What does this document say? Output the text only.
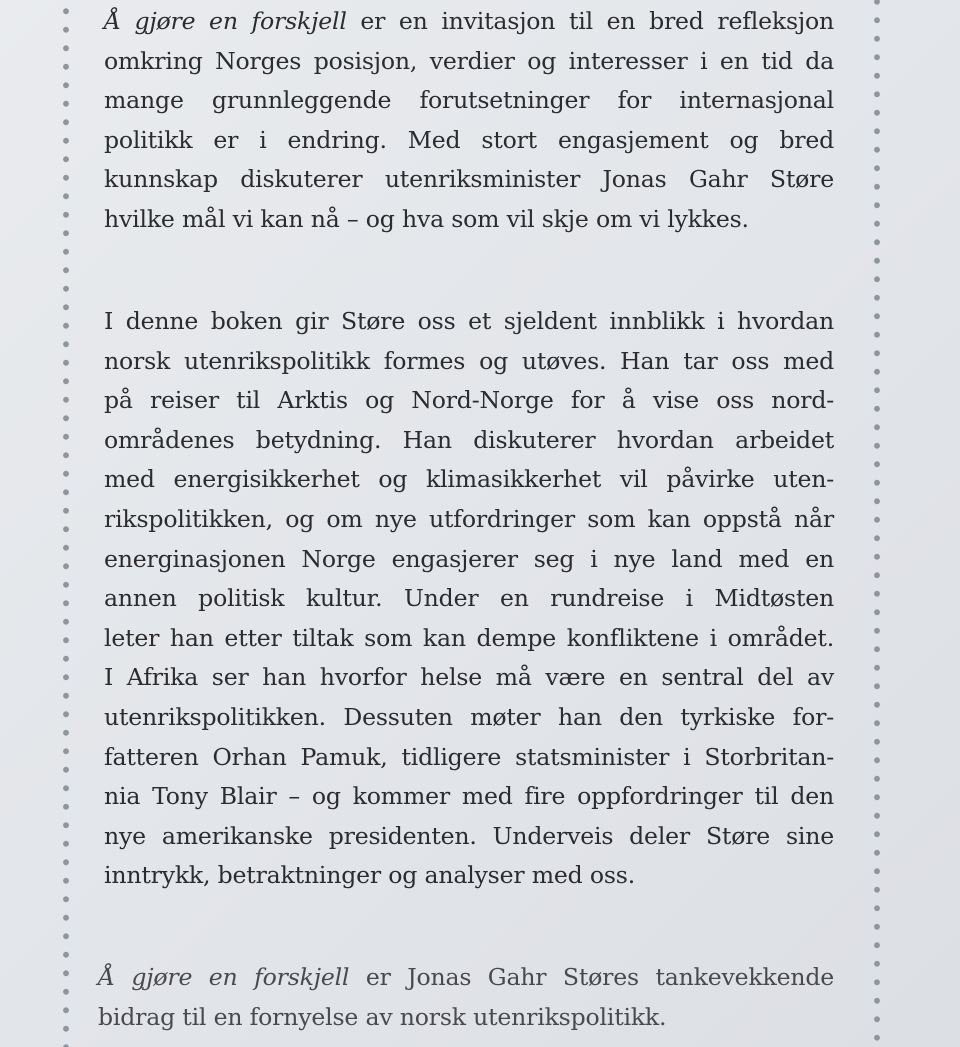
Å gjøre en forskjell er en invitasjon til en bred refleksjon
omkring Norges posisjon, verdier og interesser i en tid da
mange grunnleggende forutsetninger for internasjonal
politikk er i endring. Med stort engasjement og bred
kunnskap diskuterer utenriksminister Jonas Gahr Støre
hvilke mål vi kan nå – og hva som vil skje om vi lykkes.

I denne boken gir Støre oss et sjeldent innblikk i hvordan
norsk utenrikspolitikk formes og utøves. Han tar oss med
på reiser til Arktis og Nord-Norge for å vise oss nord-
områdenes betydning. Han diskuterer hvordan arbeidet
med energisikkerhet og klimasikkerhet vil påvirke uten-
rikspolitikken, og om nye utfordringer som kan oppstå når
energinasjonen Norge engasjerer seg i nye land med en
annen politisk kultur. Under en rundreise i Midtøsten
leter han etter tiltak som kan dempe konfliktene i området.
I Afrika ser han hvorfor helse må være en sentral del av
utenrikspolitikken. Dessuten møter han den tyrkiske for-
fatteren Orhan Pamuk, tidligere statsminister i Storbritan-
nia Tony Blair – og kommer med fire oppfordringer til den
nye amerikanske presidenten. Underveis deler Støre sine
inntrykk, betraktninger og analyser med oss.

Å gjøre en forskjell er Jonas Gahr Støres tankevekkende
bidrag til en fornyelse av norsk utenrikspolitikk.
